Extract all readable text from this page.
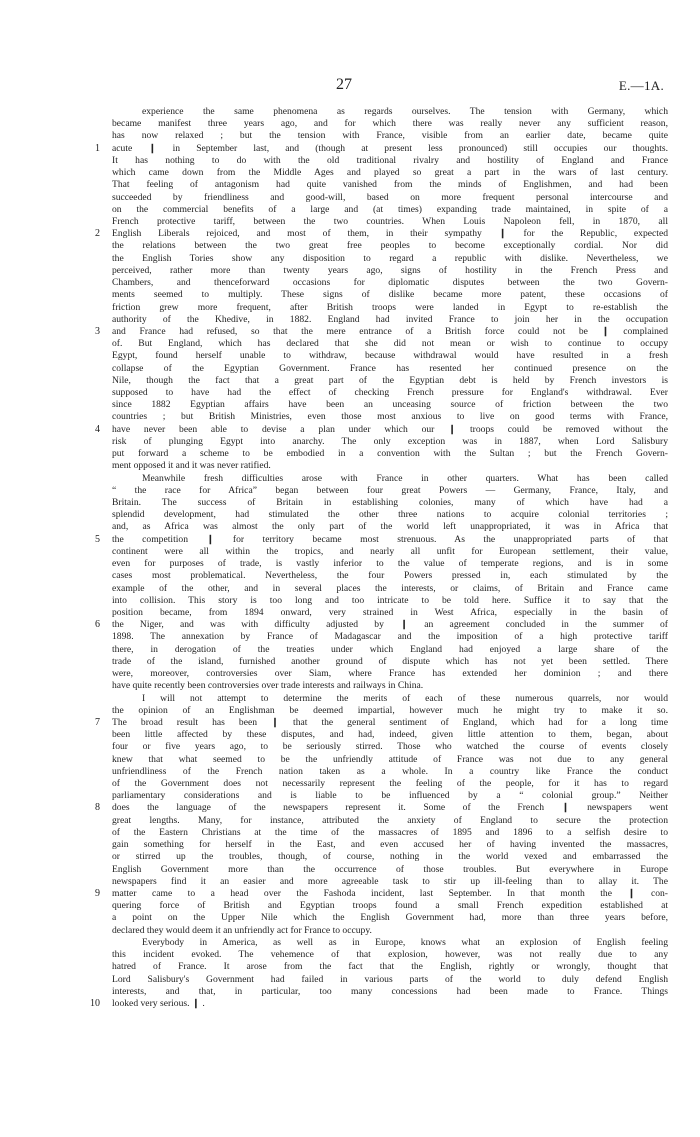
27	E.—1A.
experience the same phenomena as regards ourselves. The tension with Germany, which
became manifest three years ago, and for which there was really never any sufficient reason,
has now relaxed ; but the tension with France, visible from an earlier date, became quite
1 acute ❙ in September last, and (though at present less pronounced) still occupies our thoughts.
It has nothing to do with the old traditional rivalry and hostility of England and France
which came down from the Middle Ages and played so great a part in the wars of last century.
That feeling of antagonism had quite vanished from the minds of Englishmen, and had been
succeeded by friendliness and good-will, based on more frequent personal intercourse and
on the commercial benefits of a large and (at times) expanding trade maintained, in spite of a
French protective tariff, between the two countries. When Louis Napoleon fell, in 1870, all
2 English Liberals rejoiced, and most of them, in their sympathy ❙ for the Republic, expected
the relations between the two great free peoples to become exceptionally cordial. Nor did
the English Tories show any disposition to regard a republic with dislike. Nevertheless, we
perceived, rather more than twenty years ago, signs of hostility in the French Press and
Chambers, and thenceforward occasions for diplomatic disputes between the two Govern-
ments seemed to multiply. These signs of dislike became more patent, these occasions of
friction grew more frequent, after British troops were landed in Egypt to re-establish the
authority of the Khedive, in 1882. England had invited France to join her in the occupation
3 and France had refused, so that the mere entrance of a British force could not be ❙ complained
of. But England, which has declared that she did not mean or wish to continue to occupy
Egypt, found herself unable to withdraw, because withdrawal would have resulted in a fresh
collapse of the Egyptian Government. France has resented her continued presence on the
Nile, though the fact that a great part of the Egyptian debt is held by French investors is
supposed to have had the effect of checking French pressure for England's withdrawal. Ever
since 1882 Egyptian affairs have been an unceasing source of friction between the two
countries ; but British Ministries, even those most anxious to live on good terms with France,
4 have never been able to devise a plan under which our ❙ troops could be removed without the
risk of plunging Egypt into anarchy. The only exception was in 1887, when Lord Salisbury
put forward a scheme to be embodied in a convention with the Sultan ; but the French Govern-
ment opposed it and it was never ratified.
Meanwhile fresh difficulties arose with France in other quarters. What has been called
“ the race for Africa” began between four great Powers — Germany, France, Italy, and
Britain. The success of Britain in establishing colonies, many of which have had a
splendid development, had stimulated the other three nations to acquire colonial territories ;
and, as Africa was almost the only part of the world left unappropriated, it was in Africa that
5 the competition ❙ for territory became most strenuous. As the unappropriated parts of that
continent were all within the tropics, and nearly all unfit for European settlement, their value,
even for purposes of trade, is vastly inferior to the value of temperate regions, and is in some
cases most problematical. Nevertheless, the four Powers pressed in, each stimulated by the
example of the other, and in several places the interests, or claims, of Britain and France came
into collision. This story is too long and too intricate to be told here. Suffice it to say that the
position became, from 1894 onward, very strained in West Africa, especially in the basin of
6 the Niger, and was with difficulty adjusted by ❙ an agreement concluded in the summer of
1898. The annexation by France of Madagascar and the imposition of a high protective tariff
there, in derogation of the treaties under which England had enjoyed a large share of the
trade of the island, furnished another ground of dispute which has not yet been settled. There
were, moreover, controversies over Siam, where France has extended her dominion ; and there
have quite recently been controversies over trade interests and railways in China.
I will not attempt to determine the merits of each of these numerous quarrels, nor would
the opinion of an Englishman be deemed impartial, however much he might try to make it so.
7 The broad result has been ❙ that the general sentiment of England, which had for a long time
been little affected by these disputes, and had, indeed, given little attention to them, began, about
four or five years ago, to be seriously stirred. Those who watched the course of events closely
knew that what seemed to be the unfriendly attitude of France was not due to any general
unfriendliness of the French nation taken as a whole. In a country like France the conduct
of the Government does not necessarily represent the feeling of the people, for it has to regard
parliamentary considerations and is liable to be influenced by a “ colonial group.” Neither
8 does the language of the newspapers represent it. Some of the French ❙ newspapers went
great lengths. Many, for instance, attributed the anxiety of England to secure the protection
of the Eastern Christians at the time of the massacres of 1895 and 1896 to a selfish desire to
gain something for herself in the East, and even accused her of having invented the massacres,
or stirred up the troubles, though, of course, nothing in the world vexed and embarrassed the
English Government more than the occurrence of those troubles. But everywhere in Europe
newspapers find it an easier and more agreeable task to stir up ill-feeling than to allay it. The
9 matter came to a head over the Fashoda incident, last September. In that month the ❙ con-
quering force of British and Egyptian troops found a small French expedition established at
a point on the Upper Nile which the English Government had, more than three years before,
declared they would deem it an unfriendly act for France to occupy.
Everybody in America, as well as in Europe, knows what an explosion of English feeling
this incident evoked. The vehemence of that explosion, however, was not really due to any
hatred of France. It arose from the fact that the English, rightly or wrongly, thought that
Lord Salisbury's Government had failed in various parts of the world to duly defend English
interests, and that, in particular, too many concessions had been made to France. Things
10 looked very serious. ❙ .
